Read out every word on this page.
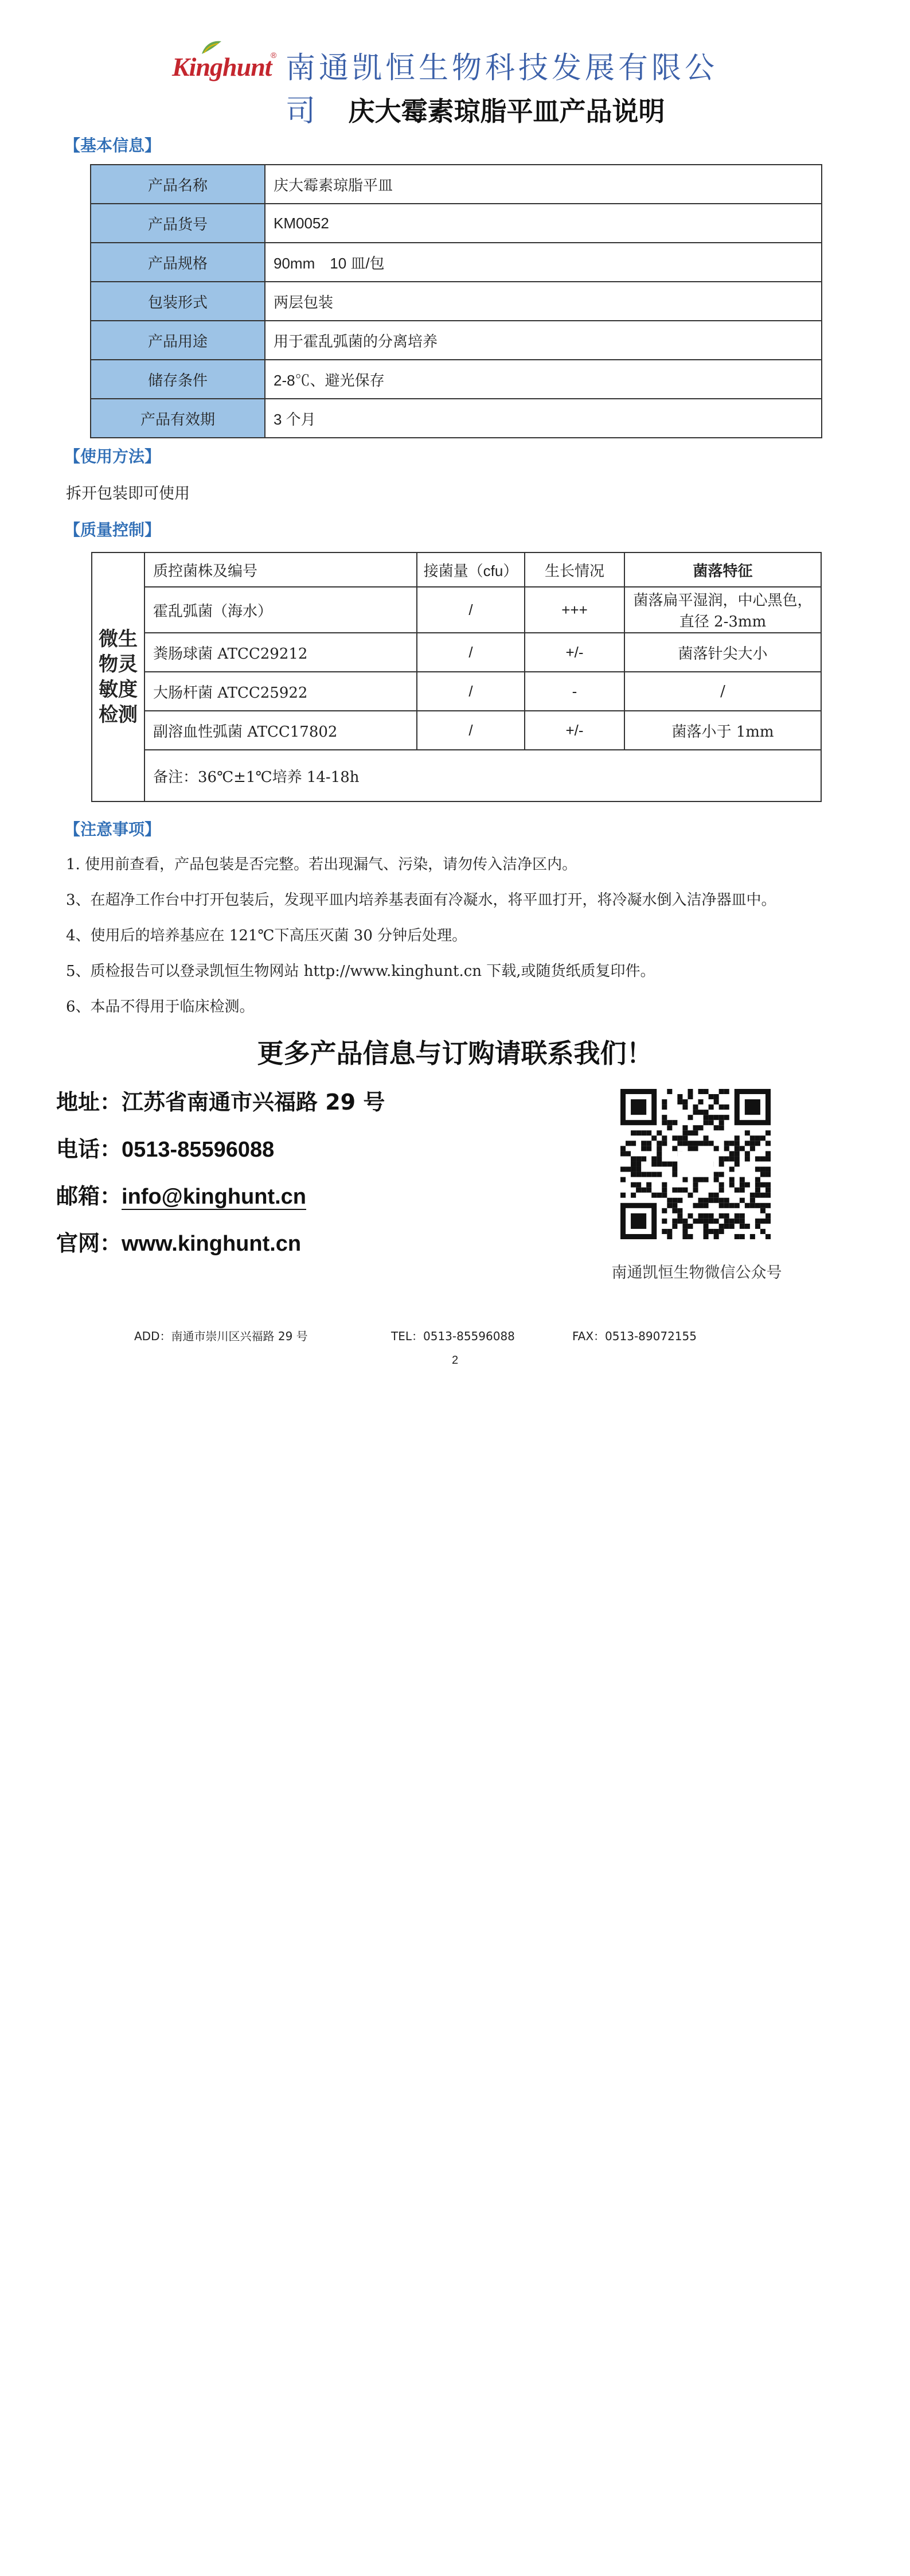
Kinghunt
® 南通凯恒生物科技发展有限公司	庆大霉素琼脂平皿产品说明
【基本信息】
产品名称	庆大霉素琼脂平皿
产品货号	KM0052
产品规格	90mm　10 皿/包
包装形式	两层包装
产品用途	用于霍乱弧菌的分离培养
储存条件	2-8℃、避光保存
产品有效期	3 个月
【使用方法】
拆开包装即可使用
【质量控制】
微生
物灵
敏度
检测	质控菌株及编号	接菌量（cfu）	生长情况	菌落特征
	霍乱弧菌（海水）	/	+++	菌落扁平湿润，中心黑色，
直径 2-3mm

	粪肠球菌 ATCC29212	/	+/-	菌落针尖大小

	大肠杆菌 ATCC25922	/	-	/

	副溶血性弧菌 ATCC17802	/	+/-	菌落小于 1mm

	备注：36℃±1℃培养 14-18h			
【注意事项】
1. 使用前查看，产品包装是否完整。若出现漏气、污染，请勿传入洁净区内。
3、在超净工作台中打开包装后，发现平皿内培养基表面有冷凝水，将平皿打开，将冷凝水倒入洁净器皿中。
4、使用后的培养基应在 121℃下高压灭菌 30 分钟后处理。
5、质检报告可以登录凯恒生物网站 http://www.kinghunt.cn 下载,或随货纸质复印件。
6、本品不得用于临床检测。
更多产品信息与订购请联系我们！
地址：江苏省南通市兴福路 29 号
电话：0513-85596088
邮箱：info@kinghunt.cn
官网：www.kinghunt.cn
南通凯恒生物微信公众号
ADD：南通市崇川区兴福路 29 号	TEL：0513-85596088	FAX：0513-89072155
2
